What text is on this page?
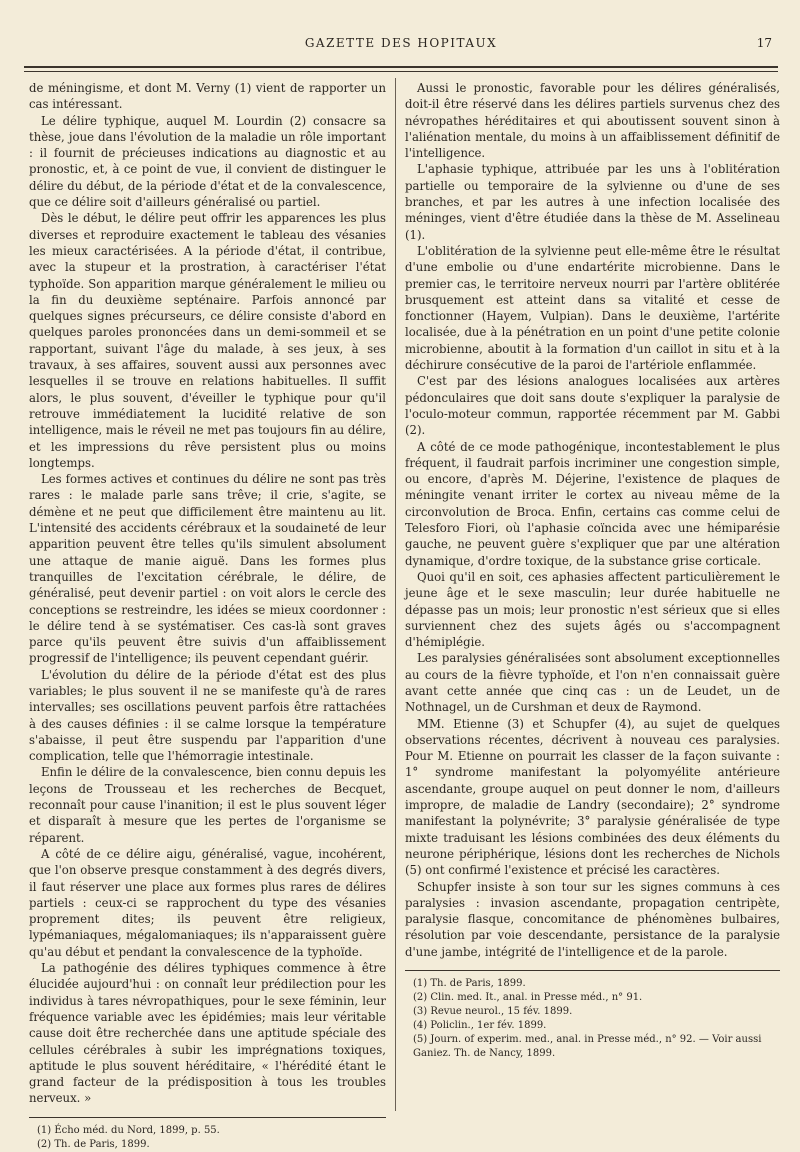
GAZETTE DES HOPITAUX	17

de méningisme, et dont M. Verny (1) vient de rapporter un cas intéressant.

Le délire typhique, auquel M. Lourdin (2) consacre sa thèse, joue dans l'évolution de la maladie un rôle important : il fournit de précieuses indications au diagnostic et au pronostic, et, à ce point de vue, il convient de distinguer le délire du début, de la période d'état et de la convalescence, que ce délire soit d'ailleurs généralisé ou partiel.

Dès le début, le délire peut offrir les apparences les plus diverses et reproduire exactement le tableau des vésanies les mieux caractérisées. A la période d'état, il contribue, avec la stupeur et la prostration, à caractériser l'état typhoïde. Son apparition marque généralement le milieu ou la fin du deuxième septénaire. Parfois annoncé par quelques signes précurseurs, ce délire consiste d'abord en quelques paroles prononcées dans un demi-sommeil et se rapportant, suivant l'âge du malade, à ses jeux, à ses travaux, à ses affaires, souvent aussi aux personnes avec lesquelles il se trouve en relations habituelles. Il suffit alors, le plus souvent, d'éveiller le typhique pour qu'il retrouve immédiatement la lucidité relative de son intelligence, mais le réveil ne met pas toujours fin au délire, et les impressions du rêve persistent plus ou moins longtemps.

Les formes actives et continues du délire ne sont pas très rares : le malade parle sans trêve; il crie, s'agite, se démène et ne peut que difficilement être maintenu au lit. L'intensité des accidents cérébraux et la soudaineté de leur apparition peuvent être telles qu'ils simulent absolument une attaque de manie aiguë. Dans les formes plus tranquilles de l'excitation cérébrale, le délire, de généralisé, peut devenir partiel : on voit alors le cercle des conceptions se restreindre, les idées se mieux coordonner : le délire tend à se systématiser. Ces cas-là sont graves parce qu'ils peuvent être suivis d'un affaiblissement progressif de l'intelligence; ils peuvent cependant guérir.

L'évolution du délire de la période d'état est des plus variables; le plus souvent il ne se manifeste qu'à de rares intervalles; ses oscillations peuvent parfois être rattachées à des causes définies : il se calme lorsque la température s'abaisse, il peut être suspendu par l'apparition d'une complication, telle que l'hémorragie intestinale.

Enfin le délire de la convalescence, bien connu depuis les leçons de Trousseau et les recherches de Becquet, reconnaît pour cause l'inanition; il est le plus souvent léger et disparaît à mesure que les pertes de l'organisme se réparent.

A côté de ce délire aigu, généralisé, vague, incohérent, que l'on observe presque constamment à des degrés divers, il faut réserver une place aux formes plus rares de délires partiels : ceux-ci se rapprochent du type des vésanies proprement dites; ils peuvent être religieux, lypémaniaques, mégalomaniaques; ils n'apparaissent guère qu'au début et pendant la convalescence de la typhoïde.

La pathogénie des délires typhiques commence à être élucidée aujourd'hui : on connaît leur prédilection pour les individus à tares névropathiques, pour le sexe féminin, leur fréquence variable avec les épidémies; mais leur véritable cause doit être recherchée dans une aptitude spéciale des cellules cérébrales à subir les imprégnations toxiques, aptitude le plus souvent héréditaire, « l'hérédité étant le grand facteur de la prédisposition à tous les troubles nerveux. »

(1) Écho méd. du Nord, 1899, p. 55.
(2) Th. de Paris, 1899.

Aussi le pronostic, favorable pour les délires généralisés, doit-il être réservé dans les délires partiels survenus chez des névropathes héréditaires et qui aboutissent souvent sinon à l'aliénation mentale, du moins à un affaiblissement définitif de l'intelligence.

L'aphasie typhique, attribuée par les uns à l'oblitération partielle ou temporaire de la sylvienne ou d'une de ses branches, et par les autres à une infection localisée des méninges, vient d'être étudiée dans la thèse de M. Asselineau (1).

L'oblitération de la sylvienne peut elle-même être le résultat d'une embolie ou d'une endartérite microbienne. Dans le premier cas, le territoire nerveux nourri par l'artère oblitérée brusquement est atteint dans sa vitalité et cesse de fonctionner (Hayem, Vulpian). Dans le deuxième, l'artérite localisée, due à la pénétration en un point d'une petite colonie microbienne, aboutit à la formation d'un caillot in situ et à la déchirure consécutive de la paroi de l'artériole enflammée.

C'est par des lésions analogues localisées aux artères pédonculaires que doit sans doute s'expliquer la paralysie de l'oculo-moteur commun, rapportée récemment par M. Gabbi (2).

A côté de ce mode pathogénique, incontestablement le plus fréquent, il faudrait parfois incriminer une congestion simple, ou encore, d'après M. Déjerine, l'existence de plaques de méningite venant irriter le cortex au niveau même de la circonvolution de Broca. Enfin, certains cas comme celui de Telesforo Fiori, où l'aphasie coïncida avec une hémiparésie gauche, ne peuvent guère s'expliquer que par une altération dynamique, d'ordre toxique, de la substance grise corticale.

Quoi qu'il en soit, ces aphasies affectent particulièrement le jeune âge et le sexe masculin; leur durée habituelle ne dépasse pas un mois; leur pronostic n'est sérieux que si elles surviennent chez des sujets âgés ou s'accompagnent d'hémiplégie.

Les paralysies généralisées sont absolument exceptionnelles au cours de la fièvre typhoïde, et l'on n'en connaissait guère avant cette année que cinq cas : un de Leudet, un de Nothnagel, un de Curshman et deux de Raymond.

MM. Etienne (3) et Schupfer (4), au sujet de quelques observations récentes, décrivent à nouveau ces paralysies. Pour M. Etienne on pourrait les classer de la façon suivante : 1° syndrome manifestant la polyomyélite antérieure ascendante, groupe auquel on peut donner le nom, d'ailleurs impropre, de maladie de Landry (secondaire); 2° syndrome manifestant la polynévrite; 3° paralysie généralisée de type mixte traduisant les lésions combinées des deux éléments du neurone périphérique, lésions dont les recherches de Nichols (5) ont confirmé l'existence et précisé les caractères.

Schupfer insiste à son tour sur les signes communs à ces paralysies : invasion ascendante, propagation centripète, paralysie flasque, concomitance de phénomènes bulbaires, résolution par voie descendante, persistance de la paralysie d'une jambe, intégrité de l'intelligence et de la parole.

(1) Th. de Paris, 1899.
(2) Clin. med. It., anal. in Presse méd., n° 91.
(3) Revue neurol., 15 fév. 1899.
(4) Policlin., 1er fév. 1899.
(5) Journ. of experim. med., anal. in Presse méd., n° 92. — Voir aussi Ganiez. Th. de Nancy, 1899.
